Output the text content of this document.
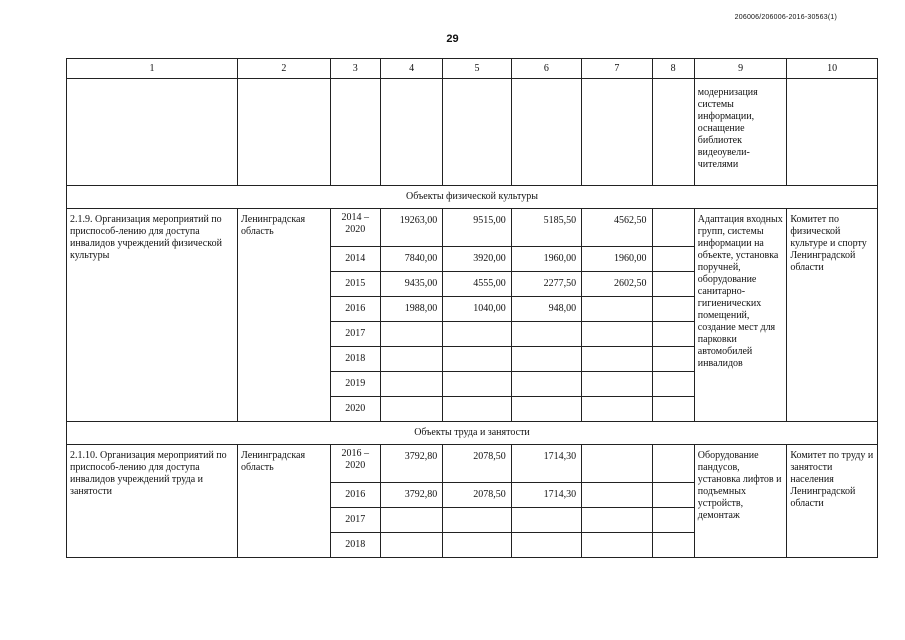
206006/206006-2016-30563(1)
29
1	2	3	4	5	6	7	8	9	10
								модернизация системы информации, оснащение библиотек видеоувели-чителями	
Объекты физической культуры									
2.1.9. Организация мероприятий по приспособ-лению для доступа инвалидов учреждений физической культуры	Ленинградская область	2014 – 2020	19263,00	9515,00	5185,50	4562,50		Адаптация входных групп, системы информации на объекте, установка поручней, оборудование санитарно-гигиенических помещений, создание мест для парковки автомобилей инвалидов	Комитет по физической культуре и спорту Ленинградской области
		2014	7840,00	3920,00	1960,00	1960,00			
		2015	9435,00	4555,00	2277,50	2602,50			
		2016	1988,00	1040,00	948,00				
		2017							
		2018							
		2019							
		2020							
Объекты труда и занятости									
2.1.10. Организация мероприятий по приспособ-лению для доступа инвалидов учреждений труда и занятости	Ленинградская область	2016 – 2020	3792,80	2078,50	1714,30			Оборудование пандусов, установка лифтов и подъемных устройств, демонтаж	Комитет по труду и занятости населения Ленинградской области
		2016	3792,80	2078,50	1714,30				
		2017							
		2018							
